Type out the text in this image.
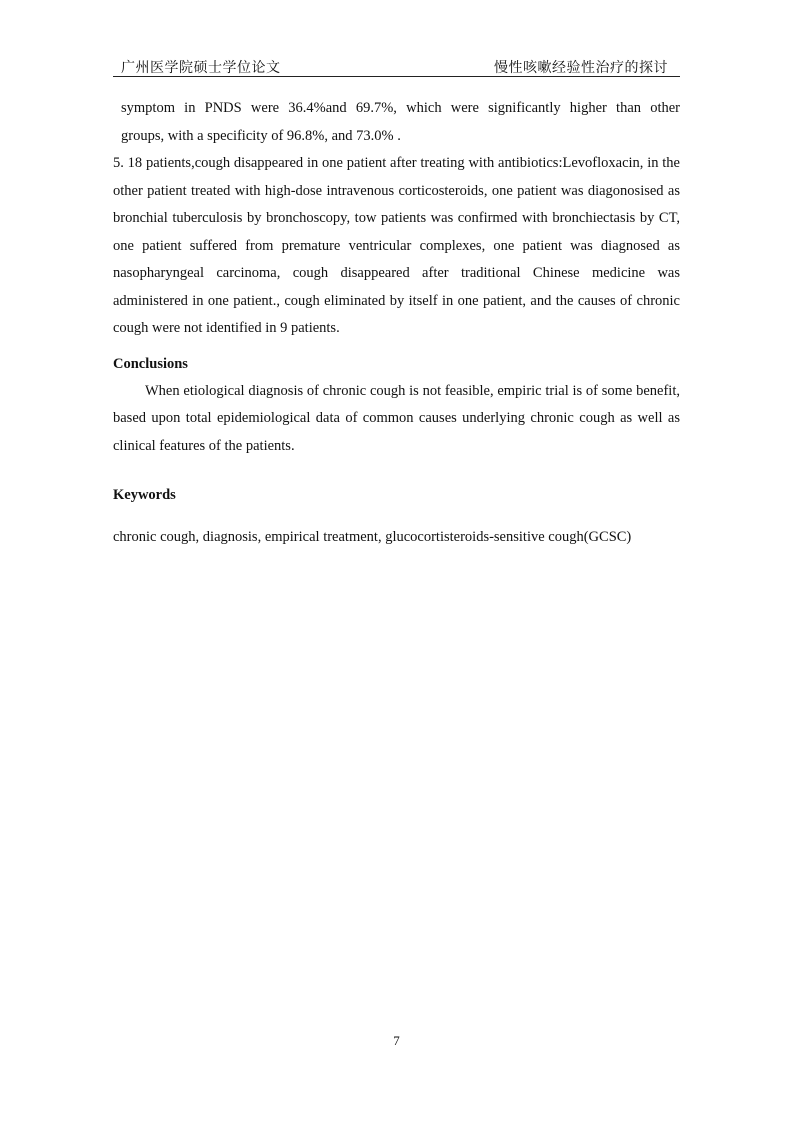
广州医学院硕士学位论文	慢性咳嗽经验性治疗的探讨

symptom in PNDS were 36.4%and 69.7%, which were significantly higher than other

groups, with a specificity of 96.8%, and 73.0% .

5. 18 patients,cough disappeared in one patient after treating with antibiotics:Levofloxacin, in the other patient treated with high-dose intravenous corticosteroids, one patient was diagonosised as bronchial tuberculosis by bronchoscopy, tow patients was confirmed with bronchiectasis by CT, one patient suffered from premature ventricular complexes, one patient was diagnosed as nasopharyngeal carcinoma, cough disappeared after traditional Chinese medicine was administered in one patient., cough eliminated by itself in one patient, and the causes of chronic cough were not identified in 9 patients.

Conclusions

When etiological diagnosis of chronic cough is not feasible, empiric trial is of some benefit, based upon total epidemiological data of common causes underlying chronic cough as well as clinical features of the patients.

Keywords

chronic cough, diagnosis, empirical treatment, glucocortisteroids-sensitive cough(GCSC)

7
